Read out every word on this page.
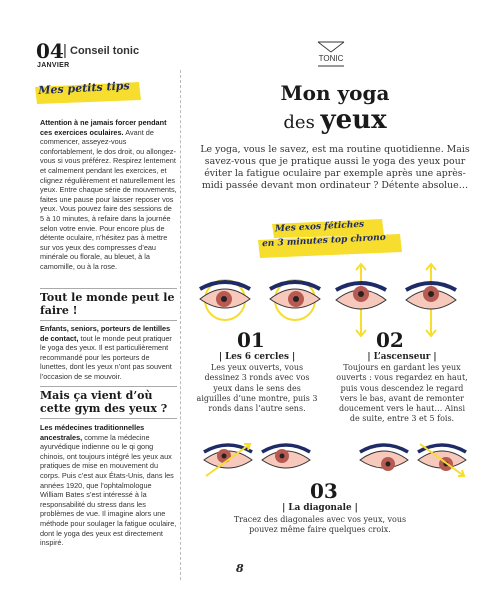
04 | Conseil tonic
JANVIER
Mes petits tips

Attention à ne jamais forcer pendant ces exercices oculaires. Avant de commencer, asseyez-vous confortablement, le dos droit, ou allongez-vous si vous préférez. Respirez lentement et calmement pendant les exercices, et clignez régulièrement et naturellement les yeux. Entre chaque série de mouvements, faites une pause pour laisser reposer vos yeux. Vous pouvez faire des sessions de 5 à 10 minutes, à refaire dans la journée selon votre envie. Pour encore plus de détente oculaire, n’hésitez pas à mettre sur vos yeux des compresses d’eau minérale ou florale, au bleuet, à la camomille, ou à la rose.

Tout le monde peut le faire !

Enfants, seniors, porteurs de lentilles de contact, tout le monde peut pratiquer le yoga des yeux. Il est particulièrement recommandé pour les porteurs de lunettes, dont les yeux n’ont pas souvent l’occasion de se mouvoir.

Mais ça vient d’où cette gym des yeux ?

Les médecines traditionnelles ancestrales, comme la médecine ayurvédique indienne ou le qi gong chinois, ont toujours intégré les yeux aux pratiques de mise en mouvement du corps. Puis c’est aux États-Unis, dans les années 1920, que l’ophtalmologue William Bates s’est intéressé à la responsabilité du stress dans les problèmes de vue. Il imagine alors une méthode pour soulager la fatigue oculaire, dont le yoga des yeux est directement inspiré.

TONIC
Mon yoga
des yeux
Le yoga, vous le savez, est ma routine quotidienne. Mais savez-vous que je pratique aussi le yoga des yeux pour éviter la fatigue oculaire par exemple après une après-midi passée devant mon ordinateur ? Détente absolue…
Mes exos fétiches
en 3 minutes top chrono
01
| Les 6 cercles |
Les yeux ouverts, vous dessinez 3 ronds avec vos yeux dans le sens des aiguilles d’une montre, puis 3 ronds dans l’autre sens.
02
| L’ascenseur |
Toujours en gardant les yeux ouverts : vous regardez en haut, puis vous descendez le regard vers le bas, avant de remonter doucement vers le haut… Ainsi de suite, entre 3 et 5 fois.
03
| La diagonale |
Tracez des diagonales avec vos yeux, vous pouvez même faire quelques croix.
8
